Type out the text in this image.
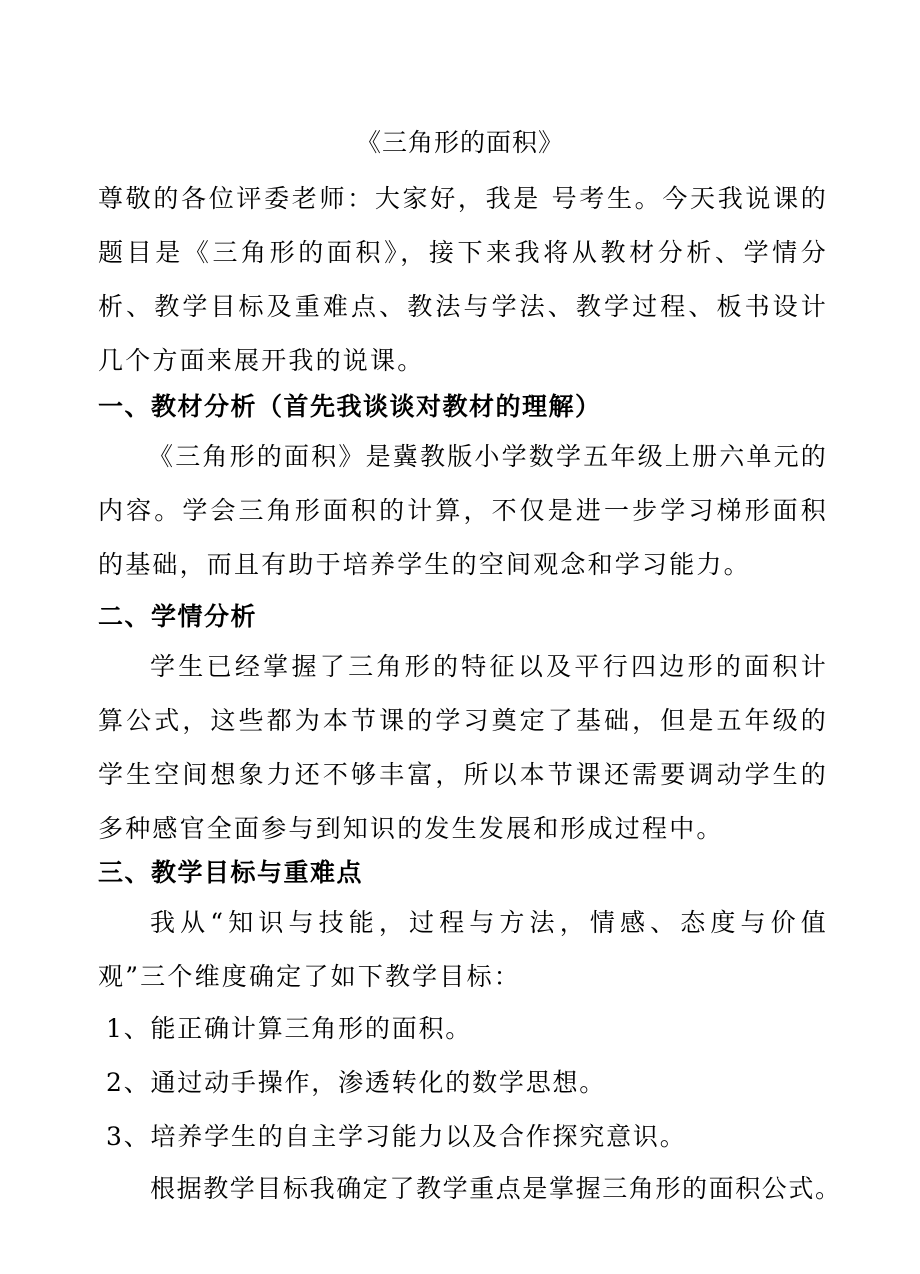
《三角形的面积》
尊敬的各位评委老师：大家好，我是 号考生。今天我说课的题目是《三角形的面积》，接下来我将从教材分析、学情分析、教学目标及重难点、教法与学法、教学过程、板书设计几个方面来展开我的说课。
一、教材分析（首先我谈谈对教材的理解）
《三角形的面积》是冀教版小学数学五年级上册六单元的内容。学会三角形面积的计算，不仅是进一步学习梯形面积的基础，而且有助于培养学生的空间观念和学习能力。
二、学情分析
学生已经掌握了三角形的特征以及平行四边形的面积计算公式，这些都为本节课的学习奠定了基础，但是五年级的学生空间想象力还不够丰富，所以本节课还需要调动学生的多种感官全面参与到知识的发生发展和形成过程中。
三、教学目标与重难点
我从“知识与技能，过程与方法，情感、态度与价值观”三个维度确定了如下教学目标：
1、能正确计算三角形的面积。
2、通过动手操作，渗透转化的数学思想。
3、培养学生的自主学习能力以及合作探究意识。
根据教学目标我确定了教学重点是掌握三角形的面积公式。
